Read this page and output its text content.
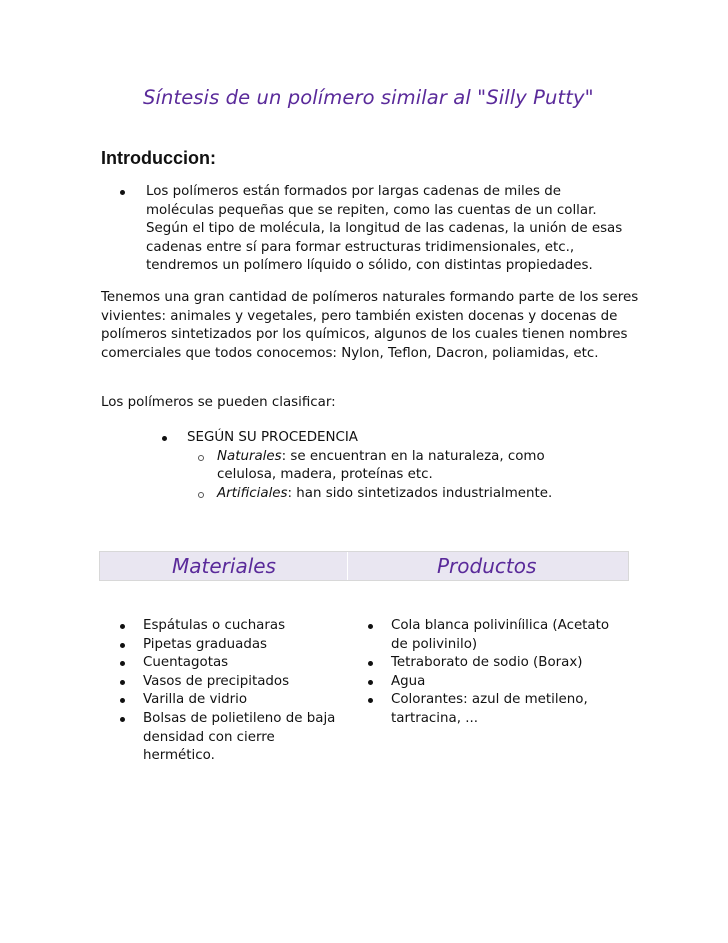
Síntesis de un polímero similar al "Silly Putty"
Introduccion:
Los polímeros están formados por largas cadenas de miles de moléculas pequeñas que se repiten, como las cuentas de un collar. Según el tipo de molécula, la longitud de las cadenas, la unión de esas cadenas entre sí para formar estructuras tridimensionales, etc., tendremos un polímero líquido o sólido, con distintas propiedades.
Tenemos una gran cantidad de polímeros naturales formando parte de los seres vivientes: animales y vegetales, pero también existen docenas y docenas de polímeros sintetizados por los químicos, algunos de los cuales tienen nombres comerciales que todos conocemos: Nylon, Teflon, Dacron, poliamidas, etc.
Los polímeros se pueden clasificar:
SEGÚN SU PROCEDENCIA
Naturales: se encuentran en la naturaleza, como celulosa, madera, proteínas etc.
Artificiales: han sido sintetizados industrialmente.
Materiales	Productos
Espátulas o cucharas
Pipetas graduadas
Cuentagotas
Vasos de precipitados
Varilla de vidrio
Bolsas de polietileno de baja densidad con cierre hermético.
Cola blanca poliviníilica (Acetato de polivinilo)
Tetraborato de sodio (Borax)
Agua
Colorantes: azul de metileno, tartracina, ...
